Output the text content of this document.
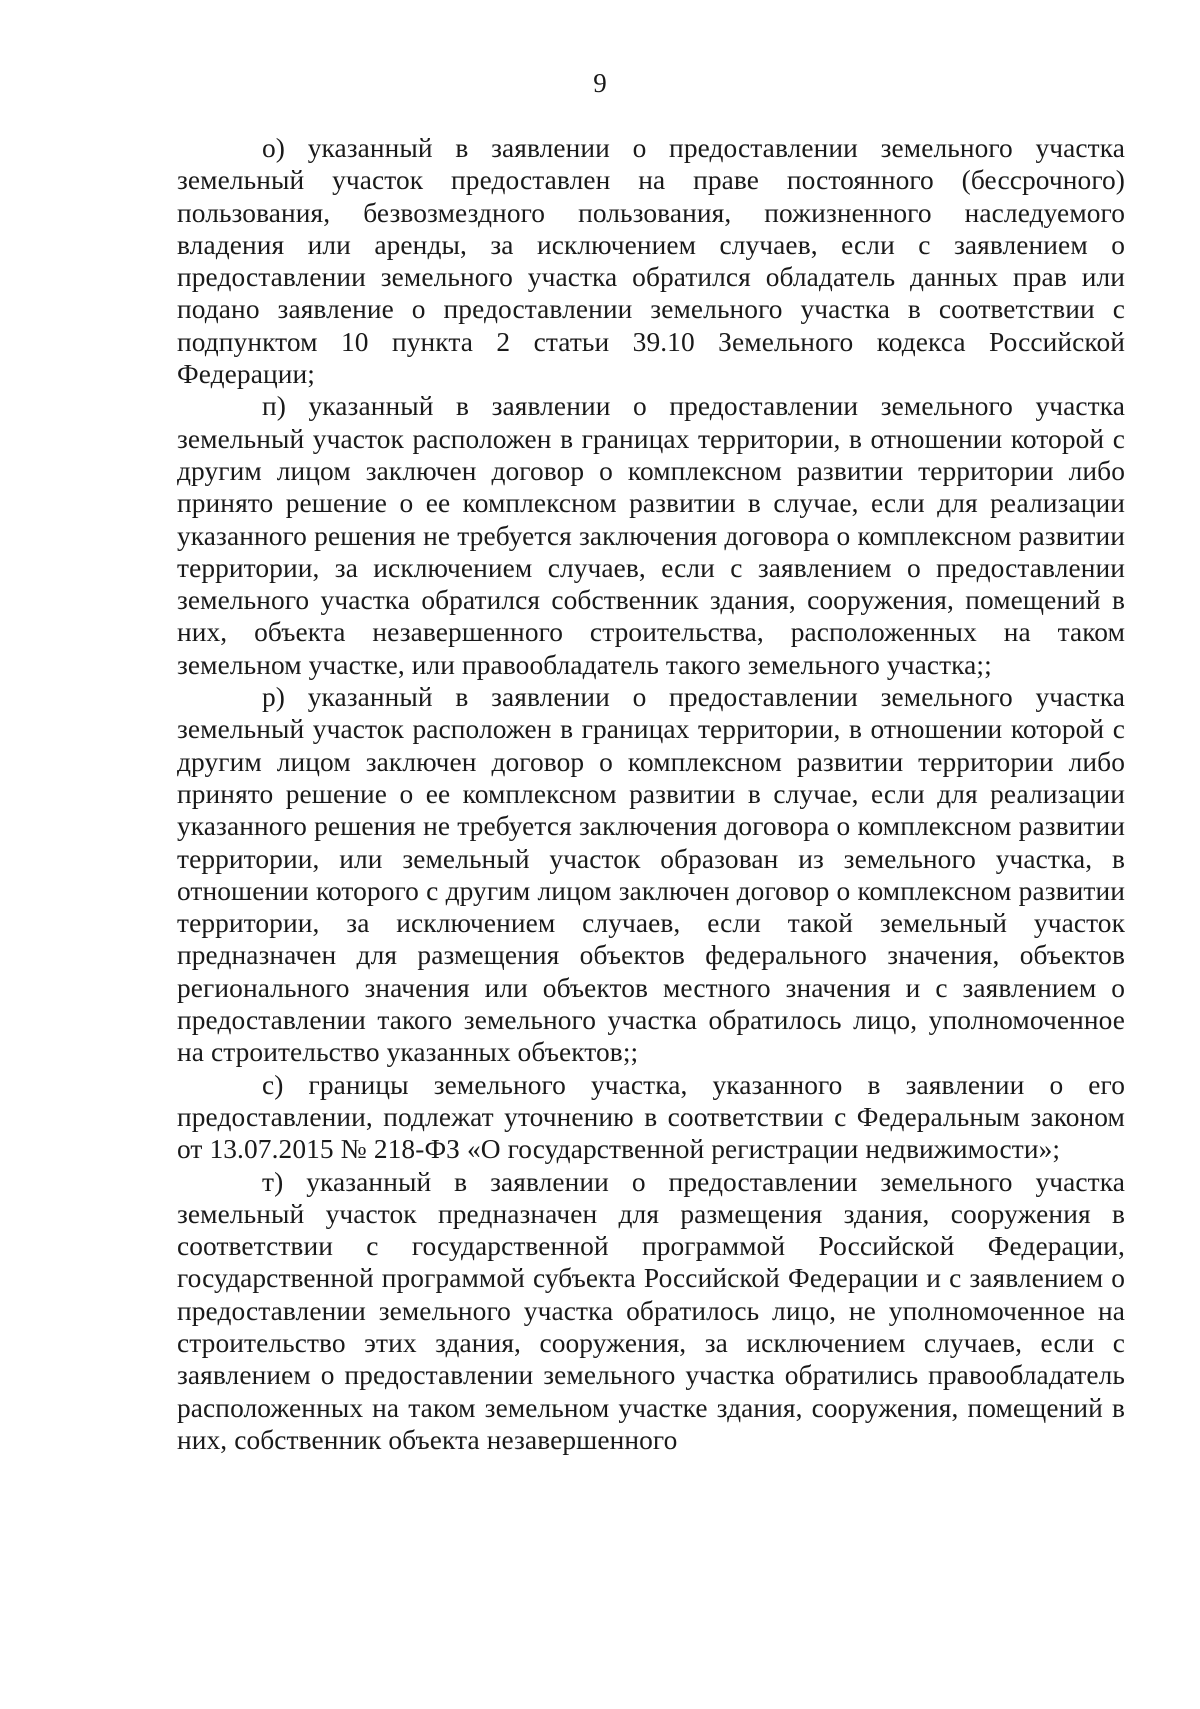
9

о) указанный в заявлении о предоставлении земельного участка земельный участок предоставлен на праве постоянного (бессрочного) пользования, безвозмездного пользования, пожизненного наследуемого владения или аренды, за исключением случаев, если с заявлением о предоставлении земельного участка обратился обладатель данных прав или подано заявление о предоставлении земельного участка в соответствии с подпунктом 10 пункта 2 статьи 39.10 Земельного кодекса Российской Федерации;

п) указанный в заявлении о предоставлении земельного участка земельный участок расположен в границах территории, в отношении которой с другим лицом заключен договор о комплексном развитии территории либо принято решение о ее комплексном развитии в случае, если для реализации указанного решения не требуется заключения договора о комплексном развитии территории, за исключением случаев, если с заявлением о предоставлении земельного участка обратился собственник здания, сооружения, помещений в них, объекта незавершенного строительства, расположенных на таком земельном участке, или правообладатель такого земельного участка;;

р) указанный в заявлении о предоставлении земельного участка земельный участок расположен в границах территории, в отношении которой с другим лицом заключен договор о комплексном развитии территории либо принято решение о ее комплексном развитии в случае, если для реализации указанного решения не требуется заключения договора о комплексном развитии территории, или земельный участок образован из земельного участка, в отношении которого с другим лицом заключен договор о комплексном развитии территории, за исключением случаев, если такой земельный участок предназначен для размещения объектов федерального значения, объектов регионального значения или объектов местного значения и с заявлением о предоставлении такого земельного участка обратилось лицо, уполномоченное на строительство указанных объектов;;

с) границы земельного участка, указанного в заявлении о его предоставлении, подлежат уточнению в соответствии с Федеральным законом от 13.07.2015 № 218-ФЗ «О государственной регистрации недвижимости»;

т) указанный в заявлении о предоставлении земельного участка земельный участок предназначен для размещения здания, сооружения в соответствии с государственной программой Российской Федерации, государственной программой субъекта Российской Федерации и с заявлением о предоставлении земельного участка обратилось лицо, не уполномоченное на строительство этих здания, сооружения, за исключением случаев, если с заявлением о предоставлении земельного участка обратились правообладатель расположенных на таком земельном участке здания, сооружения, помещений в них, собственник объекта незавершенного
